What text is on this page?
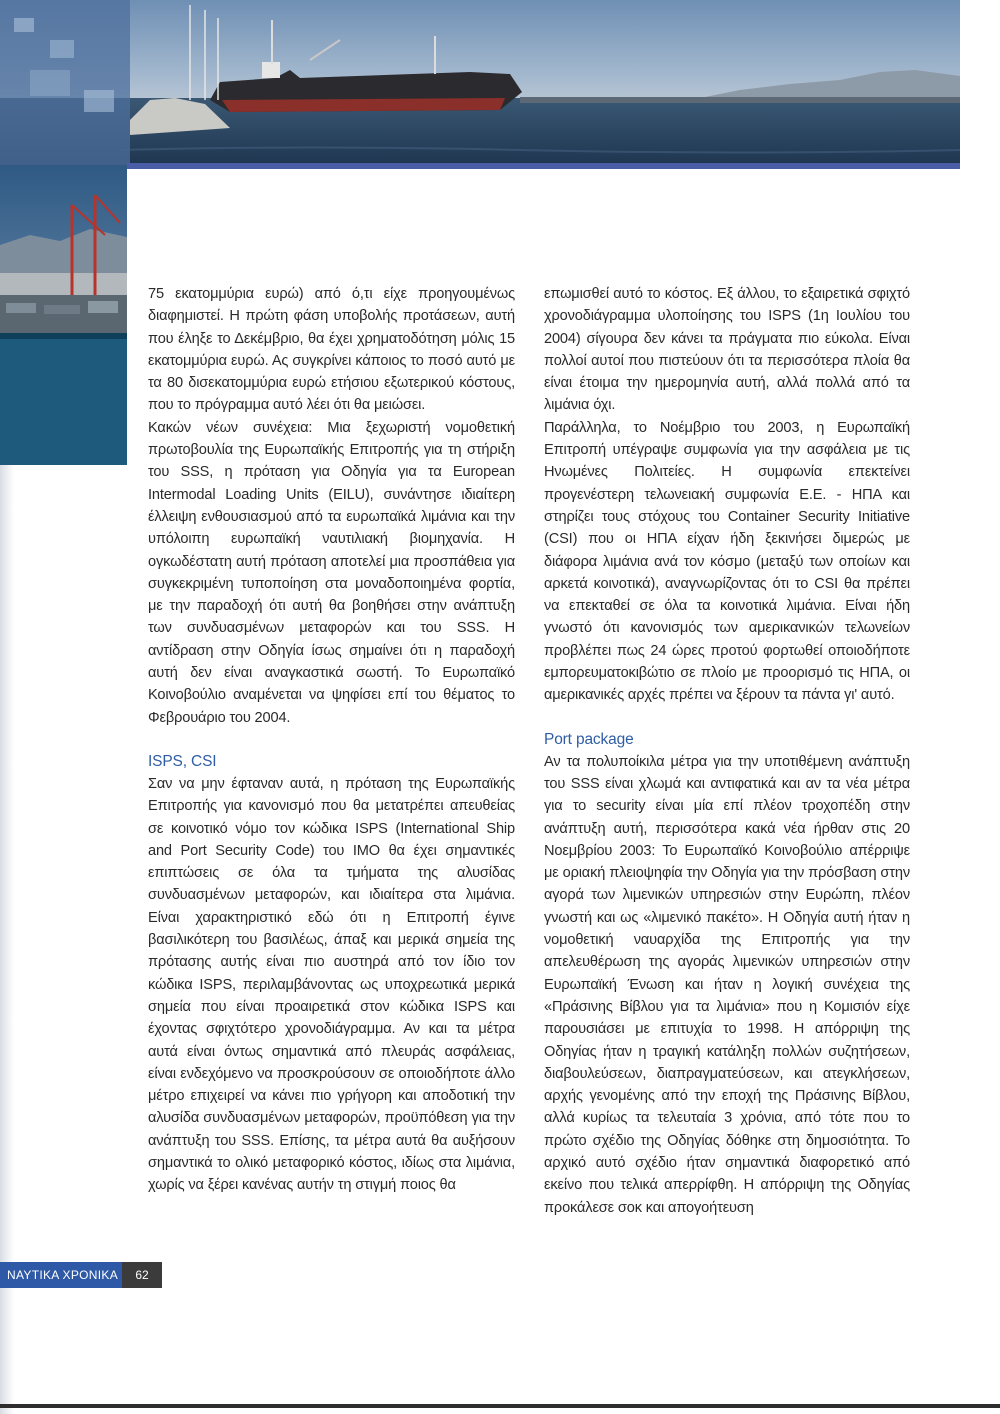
75 εκατομμύρια ευρώ) από ό,τι είχε προηγουμένως διαφημιστεί. Η πρώτη φάση υποβολής προτάσεων, αυτή που έληξε το Δεκέμβριο, θα έχει χρηματοδότηση μόλις 15 εκατομμύρια ευρώ. Ας συγκρίνει κάποιος το ποσό αυτό με τα 80 δισεκατομμύρια ευρώ ετήσιου εξωτερικού κόστους, που το πρόγραμμα αυτό λέει ότι θα μειώσει.

Κακών νέων συνέχεια: Μια ξεχωριστή νομοθετική πρωτοβουλία της Ευρωπαϊκής Επιτροπής για τη στήριξη του SSS, η πρόταση για Οδηγία για τα European Intermodal Loading Units (EILU), συνάντησε ιδιαίτερη έλλειψη ενθουσιασμού από τα ευρωπαϊκά λιμάνια και την υπόλοιπη ευρωπαϊκή ναυτιλιακή βιομηχανία. Η ογκωδέστατη αυτή πρόταση αποτελεί μια προσπάθεια για συγκεκριμένη τυποποίηση στα μοναδοποιημένα φορτία, με την παραδοχή ότι αυτή θα βοηθήσει στην ανάπτυξη των συνδυασμένων μεταφορών και του SSS. Η αντίδραση στην Οδηγία ίσως σημαίνει ότι η παραδοχή αυτή δεν είναι αναγκαστικά σωστή. Το Ευρωπαϊκό Κοινοβούλιο αναμένεται να ψηφίσει επί του θέματος το Φεβρουάριο του 2004.

ISPS, CSI

Σαν να μην έφταναν αυτά, η πρόταση της Ευρωπαϊκής Επιτροπής για κανονισμό που θα μετατρέπει απευθείας σε κοινοτικό νόμο τον κώδικα ISPS (International Ship and Port Security Code) του IMO θα έχει σημαντικές επιπτώσεις σε όλα τα τμήματα της αλυσίδας συνδυασμένων μεταφορών, και ιδιαίτερα στα λιμάνια. Είναι χαρακτηριστικό εδώ ότι η Επιτροπή έγινε βασιλικότερη του βασιλέως, άπαξ και μερικά σημεία της πρότασης αυτής είναι πιο αυστηρά από τον ίδιο τον κώδικα ISPS, περιλαμβάνοντας ως υποχρεωτικά μερικά σημεία που είναι προαιρετικά στον κώδικα ISPS και έχοντας σφιχτότερο χρονοδιάγραμμα. Αν και τα μέτρα αυτά είναι όντως σημαντικά από πλευράς ασφάλειας, είναι ενδεχόμενο να προσκρούσουν σε οποιοδήποτε άλλο μέτρο επιχειρεί να κάνει πιο γρήγορη και αποδοτική την αλυσίδα συνδυασμένων μεταφορών, προϋπόθεση για την ανάπτυξη του SSS. Επίσης, τα μέτρα αυτά θα αυξήσουν σημαντικά το ολικό μεταφορικό κόστος, ιδίως στα λιμάνια, χωρίς να ξέρει κανένας αυτήν τη στιγμή ποιος θα

επωμισθεί αυτό το κόστος. Εξ άλλου, το εξαιρετικά σφιχτό χρονοδιάγραμμα υλοποίησης του ISPS (1η Ιουλίου του 2004) σίγουρα δεν κάνει τα πράγματα πιο εύκολα. Είναι πολλοί αυτοί που πιστεύουν ότι τα περισσότερα πλοία θα είναι έτοιμα την ημερομηνία αυτή, αλλά πολλά από τα λιμάνια όχι.

Παράλληλα, το Νοέμβριο του 2003, η Ευρωπαϊκή Επιτροπή υπέγραψε συμφωνία για την ασφάλεια με τις Ηνωμένες Πολιτείες. Η συμφωνία επεκτείνει προγενέστερη τελωνειακή συμφωνία Ε.Ε. - ΗΠΑ και στηρίζει τους στόχους του Container Security Initiative (CSI) που οι ΗΠΑ είχαν ήδη ξεκινήσει διμερώς με διάφορα λιμάνια ανά τον κόσμο (μεταξύ των οποίων και αρκετά κοινοτικά), αναγνωρίζοντας ότι το CSI θα πρέπει να επεκταθεί σε όλα τα κοινοτικά λιμάνια. Είναι ήδη γνωστό ότι κανονισμός των αμερικανικών τελωνείων προβλέπει πως 24 ώρες προτού φορτωθεί οποιοδήποτε εμπορευματοκιβώτιο σε πλοίο με προορισμό τις ΗΠΑ, οι αμερικανικές αρχές πρέπει να ξέρουν τα πάντα γι' αυτό.

Port package

Αν τα πολυποίκιλα μέτρα για την υποτιθέμενη ανάπτυξη του SSS είναι χλωμά και αντιφατικά και αν τα νέα μέτρα για το security είναι μία επί πλέον τροχοπέδη στην ανάπτυξη αυτή, περισσότερα κακά νέα ήρθαν στις 20 Νοεμβρίου 2003: Το Ευρωπαϊκό Κοινοβούλιο απέρριψε με οριακή πλειοψηφία την Οδηγία για την πρόσβαση στην αγορά των λιμενικών υπηρεσιών στην Ευρώπη, πλέον γνωστή και ως «λιμενικό πακέτο». Η Οδηγία αυτή ήταν η νομοθετική ναυαρχίδα της Επιτροπής για την απελευθέρωση της αγοράς λιμενικών υπηρεσιών στην Ευρωπαϊκή Ένωση και ήταν η λογική συνέχεια της «Πράσινης Βίβλου για τα λιμάνια» που η Κομισιόν είχε παρουσιάσει με επιτυχία το 1998. Η απόρριψη της Οδηγίας ήταν η τραγική κατάληξη πολλών συζητήσεων, διαβουλεύσεων, διαπραγματεύσεων, και ατεγκλήσεων, αρχής γενομένης από την εποχή της Πράσινης Βίβλου, αλλά κυρίως τα τελευταία 3 χρόνια, από τότε που το πρώτο σχέδιο της Οδηγίας δόθηκε στη δημοσιότητα. Το αρχικό αυτό σχέδιο ήταν σημαντικά διαφορετικό από εκείνο που τελικά απερρίφθη. Η απόρριψη της Οδηγίας προκάλεσε σοκ και απογοήτευση

ΝΑΥΤΙΚΑ ΧΡΟΝΙΚΑ	62
